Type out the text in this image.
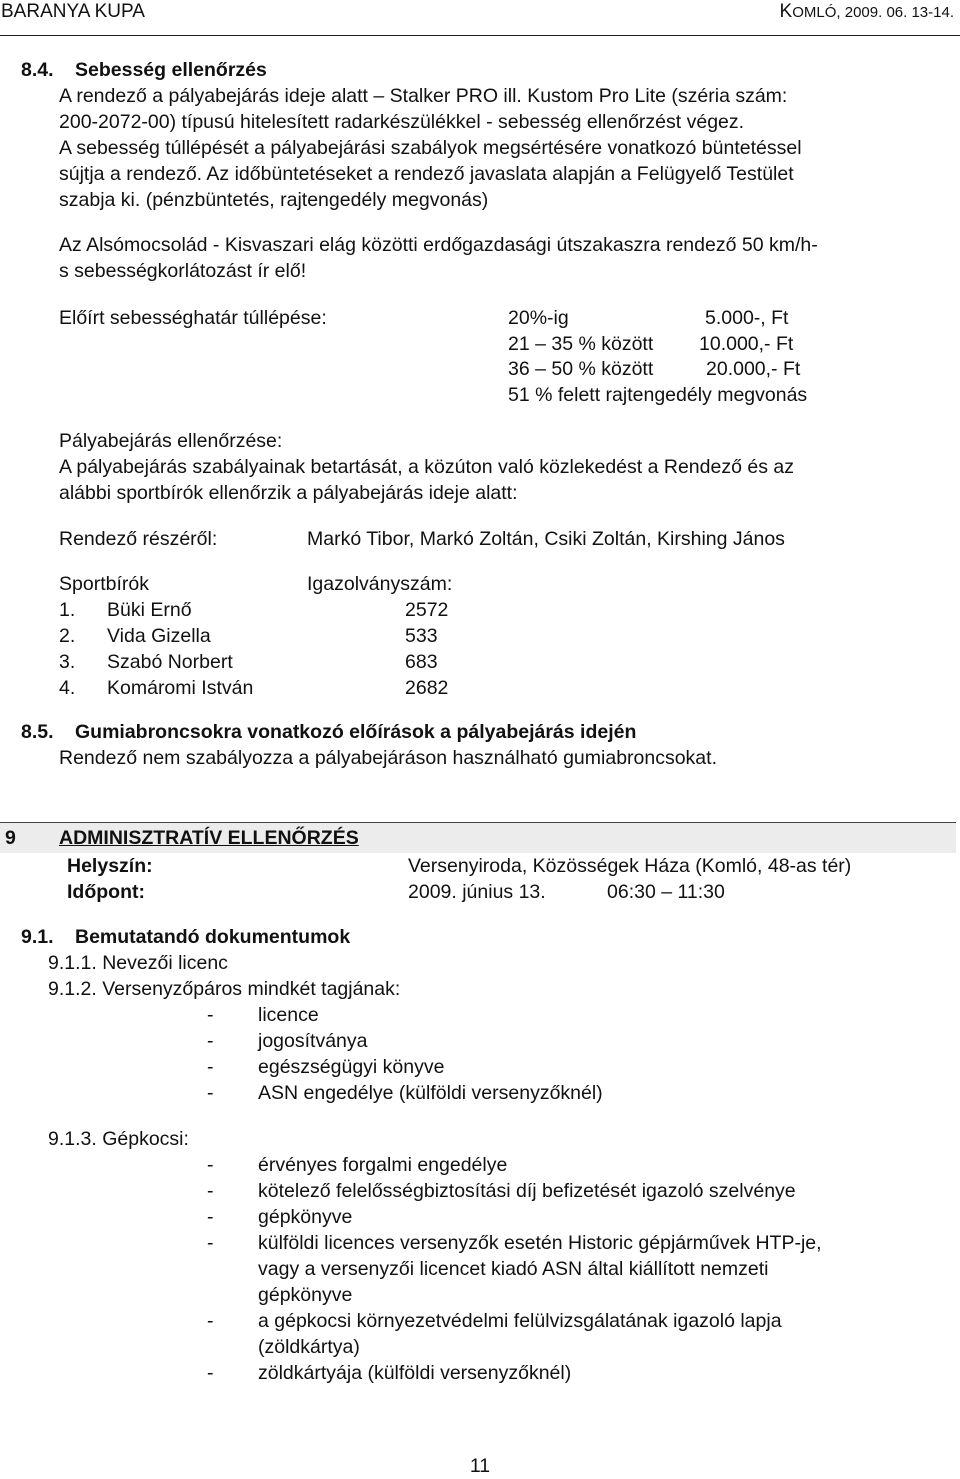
BARANYA KUPA	KOMLÓ, 2009. 06. 13-14.
8.4. Sebesség ellenőrzés
A rendező a pályabejárás ideje alatt – Stalker PRO ill. Kustom Pro Lite (széria szám:
200-2072-00) típusú hitelesített radarkészülékkel - sebesség ellenőrzést végez.
A sebesség túllépését a pályabejárási szabályok megsértésére vonatkozó büntetéssel
sújtja a rendező. Az időbüntetéseket a rendező javaslata alapján a Felügyelő Testület
szabja ki. (pénzbüntetés, rajtengedély megvonás)
Az Alsómocsolád - Kisvaszari elág közötti erdőgazdasági útszakaszra rendező 50 km/h-
s sebességkorlátozást ír elő!
Előírt sebességhatár túllépése:	20%-ig	5.000-, Ft
21 – 35 % között 10.000,- Ft
36 – 50 % között	20.000,- Ft
51 % felett rajtengedély megvonás
Pályabejárás ellenőrzése:
A pályabejárás szabályainak betartását, a közúton való közlekedést a Rendező és az
alábbi sportbírók ellenőrzik a pályabejárás ideje alatt:
Rendező részéről:	Markó Tibor, Markó Zoltán, Csiki Zoltán, Kirshing János
Sportbírók	Igazolványszám:
1. Büki Ernő	2572
2. Vida Gizella	533
3. Szabó Norbert	683
4. Komáromi István	2682
8.5. Gumiabroncsokra vonatkozó előírások a pályabejárás idején
Rendező nem szabályozza a pályabejáráson használható gumiabroncsokat.
9 ADMINISZTRATÍV ELLENŐRZÉS
Helyszín:	Versenyiroda, Közösségek Háza (Komló, 48-as tér)
Időpont:	2009. június 13.	06:30 – 11:30
9.1. Bemutatandó dokumentumok
9.1.1. Nevezői licenc
9.1.2. Versenyzőpáros mindkét tagjának:
- licence
- jogosítványa
- egészségügyi könyve
- ASN engedélye (külföldi versenyzőknél)
9.1.3. Gépkocsi:
- érvényes forgalmi engedélye
- kötelező felelősségbiztosítási díj befizetését igazoló szelvénye
- gépkönyve
- külföldi licences versenyzők esetén Historic gépjárművek HTP-je,
vagy a versenyzői licencet kiadó ASN által kiállított nemzeti
gépkönyve
- a gépkocsi környezetvédelmi felülvizsgálatának igazoló lapja
(zöldkártya)
- zöldkártyája (külföldi versenyzőknél)
11
